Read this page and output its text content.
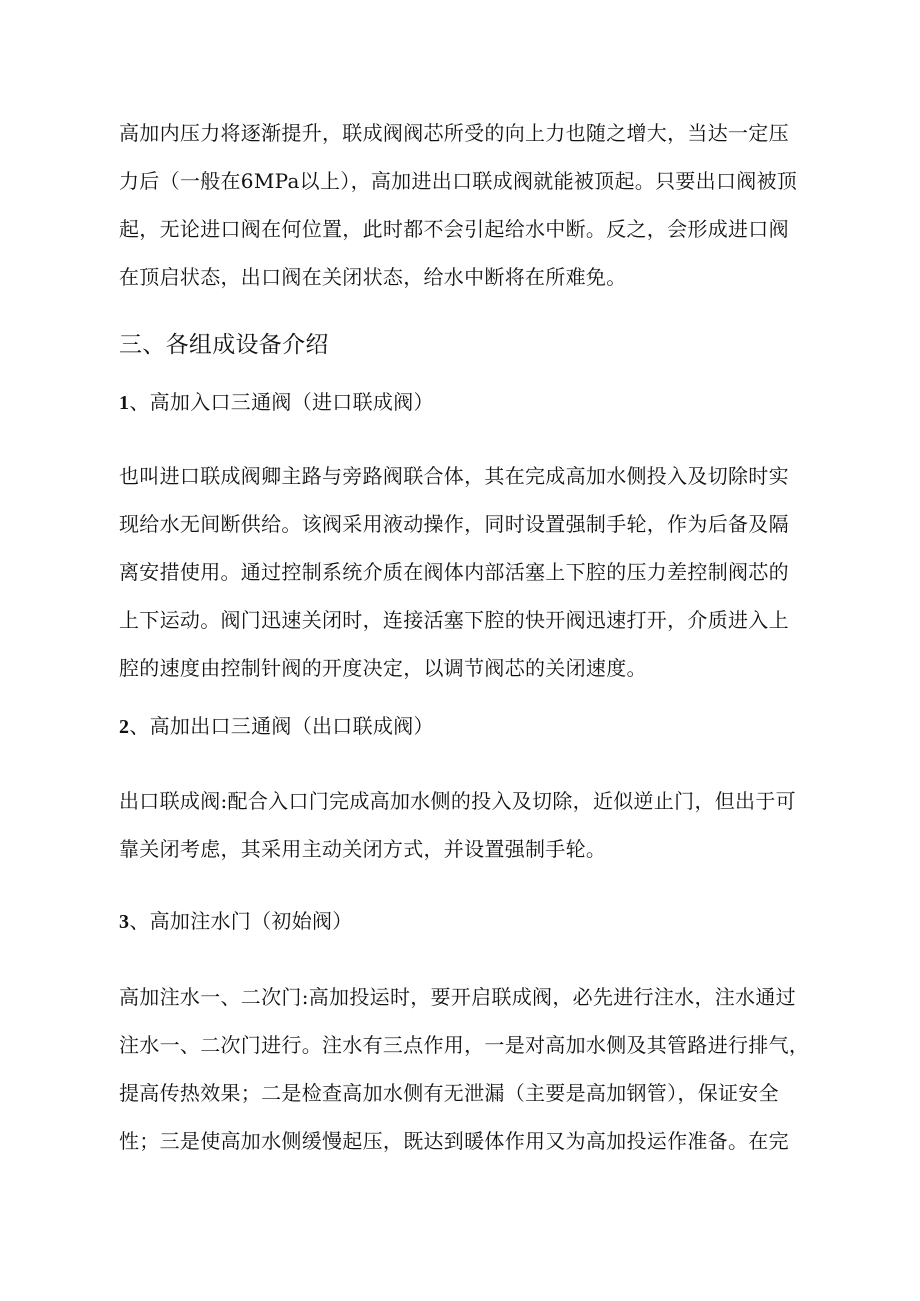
高加内压力将逐渐提升，联成阀阀芯所受的向上力也随之增大，当达一定压
力后（一般在6MPa以上），高加进出口联成阀就能被顶起。只要出口阀被顶
起，无论进口阀在何位置，此时都不会引起给水中断。反之，会形成进口阀
在顶启状态，出口阀在关闭状态，给水中断将在所难免。
三、各组成设备介绍
1、高加入口三通阀（进口联成阀）
也叫进口联成阀卿主路与旁路阀联合体，其在完成高加水侧投入及切除时实
现给水无间断供给。该阀采用液动操作，同时设置强制手轮，作为后备及隔
离安措使用。通过控制系统介质在阀体内部活塞上下腔的压力差控制阀芯的
上下运动。阀门迅速关闭时，连接活塞下腔的快开阀迅速打开，介质进入上
腔的速度由控制针阀的开度决定，以调节阀芯的关闭速度。
2、高加出口三通阀（出口联成阀）
出口联成阀:配合入口门完成高加水侧的投入及切除，近似逆止门，但出于可
靠关闭考虑，其采用主动关闭方式，并设置强制手轮。
3、高加注水门（初始阀）
高加注水一、二次门:高加投运时，要开启联成阀，必先进行注水，注水通过
注水一、二次门进行。注水有三点作用，一是对高加水侧及其管路进行排气，
提高传热效果；二是检查高加水侧有无泄漏（主要是高加钢管），保证安全
性；三是使高加水侧缓慢起压，既达到暖体作用又为高加投运作准备。在完
